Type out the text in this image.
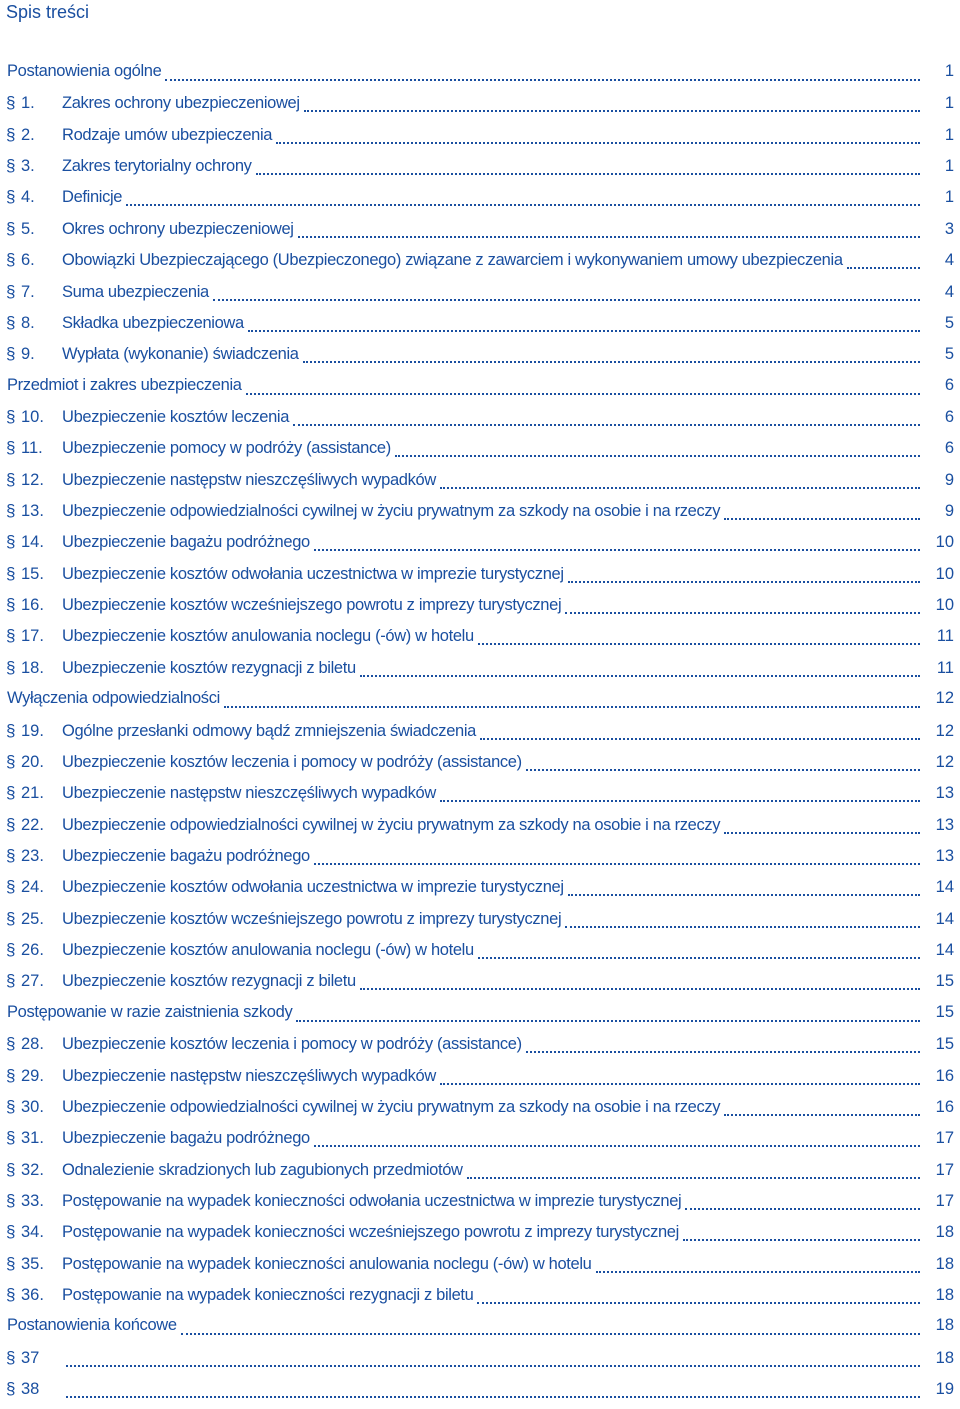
Spis treści
Postanowienia ogólne	1
§ 1.	Zakres ochrony ubezpieczeniowej	1
§ 2.	Rodzaje umów ubezpieczenia	1
§ 3.	Zakres terytorialny ochrony	1
§ 4.	Definicje	1
§ 5.	Okres ochrony ubezpieczeniowej	3
§ 6.	Obowiązki Ubezpieczającego (Ubezpieczonego) związane z zawarciem i wykonywaniem umowy ubezpieczenia	4
§ 7.	Suma ubezpieczenia	4
§ 8.	Składka ubezpieczeniowa	5
§ 9.	Wypłata (wykonanie) świadczenia	5
Przedmiot i zakres ubezpieczenia	6
§ 10.	Ubezpieczenie kosztów leczenia	6
§ 11.	Ubezpieczenie pomocy w podróży (assistance)	6
§ 12.	Ubezpieczenie następstw nieszczęśliwych wypadków	9
§ 13.	Ubezpieczenie odpowiedzialności cywilnej w życiu prywatnym za szkody na osobie i na rzeczy	9
§ 14.	Ubezpieczenie bagażu podróżnego	10
§ 15.	Ubezpieczenie kosztów odwołania uczestnictwa w imprezie turystycznej	10
§ 16.	Ubezpieczenie kosztów wcześniejszego powrotu z imprezy turystycznej	10
§ 17.	Ubezpieczenie kosztów anulowania noclegu (-ów) w hotelu	11
§ 18.	Ubezpieczenie kosztów rezygnacji z biletu	11
Wyłączenia odpowiedzialności	12
§ 19.	Ogólne przesłanki odmowy bądź zmniejszenia świadczenia	12
§ 20.	Ubezpieczenie kosztów leczenia i pomocy w podróży (assistance)	12
§ 21.	Ubezpieczenie następstw nieszczęśliwych wypadków	13
§ 22.	Ubezpieczenie odpowiedzialności cywilnej w życiu prywatnym za szkody na osobie i na rzeczy	13
§ 23.	Ubezpieczenie bagażu podróżnego	13
§ 24.	Ubezpieczenie kosztów odwołania uczestnictwa w imprezie turystycznej	14
§ 25.	Ubezpieczenie kosztów wcześniejszego powrotu z imprezy turystycznej	14
§ 26.	Ubezpieczenie kosztów anulowania noclegu (-ów) w hotelu	14
§ 27.	Ubezpieczenie kosztów rezygnacji z biletu	15
Postępowanie w razie zaistnienia szkody	15
§ 28.	Ubezpieczenie kosztów leczenia i pomocy w podróży (assistance)	15
§ 29.	Ubezpieczenie następstw nieszczęśliwych wypadków	16
§ 30.	Ubezpieczenie odpowiedzialności cywilnej w życiu prywatnym za szkody na osobie i na rzeczy	16
§ 31.	Ubezpieczenie bagażu podróżnego	17
§ 32.	Odnalezienie skradzionych lub zagubionych przedmiotów	17
§ 33.	Postępowanie na wypadek konieczności odwołania uczestnictwa w imprezie turystycznej	17
§ 34.	Postępowanie na wypadek konieczności wcześniejszego powrotu z imprezy turystycznej	18
§ 35.	Postępowanie na wypadek konieczności anulowania noclegu (-ów) w hotelu	18
§ 36.	Postępowanie na wypadek konieczności rezygnacji z biletu	18
Postanowienia końcowe	18
§ 37	18
§ 38	19
